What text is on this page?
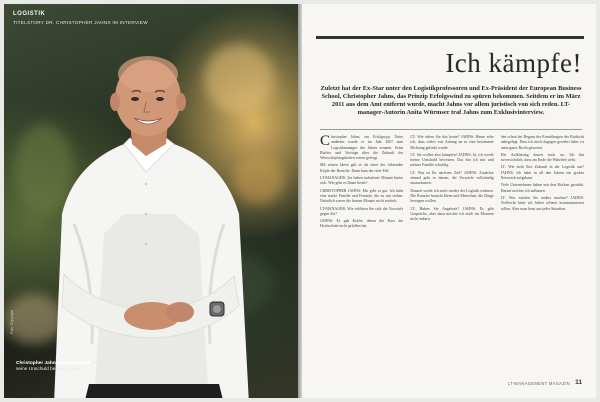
LOGISTIK
TITELSTORY DR. CHRISTOPHER JAHNS IM INTERVIEW
Foto: Copyright
Christopher Jahns ist überzeugt davon, dass er seine Unschuld beweisen kann.
Ich kämpfe!
Zuletzt hat der Ex-Star unter den Logistikprofessoren und Ex-Präsident der European Business School, Christopher Jahns, das Prinzip Erfolgswind zu spüren bekommen. Seitdem er im März 2011 aus dem Amt entfernt wurde, macht Jahns vor allem juristisch von sich reden. LT-manager-Autorin Anita Würmser traf Jahns zum Exklusivinterview.
C hristopher Jahns, ein Erfolgstyp. Unter anderem wurde er im Jahr 2007 zum Logistikmanager des Jahres ernannt. Seine Bücher und Vorträge über die Zukunft der Wertschöpfungsketten waren gefragt.

Mit seinen Ideen galt er als einer der führenden Köpfe der Branche. Dann kam der tiefe Fall.

LT-MANAGER: Sie haben turbulente Monate hinter sich. Wie geht es Ihnen heute?

CHRISTOPHER JAHNS: Mir geht es gut. Ich habe eine starke Familie und Freunde, die zu mir stehen. Natürlich waren die letzten Monate nicht einfach.

LT-MANAGER: Wie erklären Sie sich die Vorwürfe gegen Sie?

JAHNS: Es gab Kräfte, denen der Kurs der Hochschule nicht gefallen hat.

LT: Wie sehen Sie das heute? JAHNS: Heute sehe ich, dass vieles von Anfang an in eine bestimmte Richtung gelenkt wurde.

LT: Sie wollen also kämpfen? JAHNS: Ja, ich werde meine Unschuld beweisen. Das bin ich mir und meiner Familie schuldig.

LT: Was ist Ihr nächstes Ziel? JAHNS: Zunächst einmal geht es darum, die Vorwürfe vollständig auszuräumen.

Danach werde ich mich wieder der Logistik widmen. Die Branche braucht Ideen und Menschen, die Dinge bewegen wollen.

LT: Haben Sie Angebote? JAHNS: Es gibt Gespräche, aber dazu möchte ich mich im Moment nicht äußern.

den schon bei Beginn der Ermittlungen der Rücktritt nahegelegt. Dass ich mich dagegen gewehrt habe, ist mein gutes Recht gewesen.

Die Aufklärung dauert noch an. Ich bin zuversichtlich, dass am Ende die Wahrheit steht.

LT: Wie sieht Ihre Zukunft in der Logistik aus? JAHNS: Ich habe in all den Jahren ein großes Netzwerk aufgebaut.

Viele Unternehmen haben mir den Rücken gestärkt. Darauf möchte ich aufbauen.

LT: Was würden Sie anders machen? JAHNS: Vielleicht hätte ich früher offener kommunizieren sollen. Aber man lernt aus jeder Situation.

LT-MANAGEMENT MAGAZIN 11
